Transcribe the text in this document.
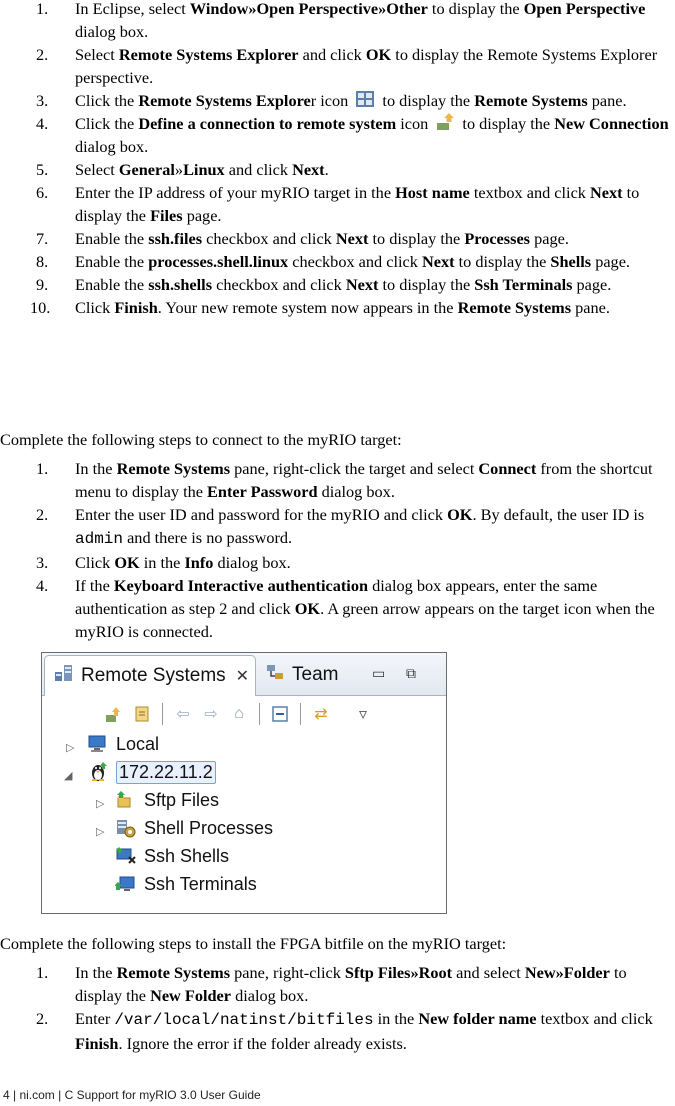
1. In Eclipse, select Window»Open Perspective»Other to display the Open Perspective dialog box.
2. Select Remote Systems Explorer and click OK to display the Remote Systems Explorer perspective.
3. Click the Remote Systems Explorer icon  to display the Remote Systems pane.
4. Click the Define a connection to remote system icon  to display the New Connection dialog box.
5. Select General»Linux and click Next.
6. Enter the IP address of your myRIO target in the Host name textbox and click Next to display the Files page.
7. Enable the ssh.files checkbox and click Next to display the Processes page.
8. Enable the processes.shell.linux checkbox and click Next to display the Shells page.
9. Enable the ssh.shells checkbox and click Next to display the Ssh Terminals page.
10. Click Finish. Your new remote system now appears in the Remote Systems pane.
Complete the following steps to connect to the myRIO target:
1. In the Remote Systems pane, right-click the target and select Connect from the shortcut menu to display the Enter Password dialog box.
2. Enter the user ID and password for the myRIO and click OK. By default, the user ID is admin and there is no password.
3. Click OK in the Info dialog box.
4. If the Keyboard Interactive authentication dialog box appears, enter the same authentication as step 2 and click OK. A green arrow appears on the target icon when the myRIO is connected.
Remote Systems ✕ Team ▭ ⧉
⇦ ⇨	⌂	⇄	▿
▷ Local
◢	172.22.11.2
▷ Sftp Files
▷ Shell Processes
Ssh Shells
Ssh Terminals
Complete the following steps to install the FPGA bitfile on the myRIO target:
1. In the Remote Systems pane, right-click Sftp Files»Root and select New»Folder to display the New Folder dialog box.
2. Enter /var/local/natinst/bitfiles in the New folder name textbox and click Finish. Ignore the error if the folder already exists.
4 | ni.com | C Support for myRIO 3.0 User Guide
